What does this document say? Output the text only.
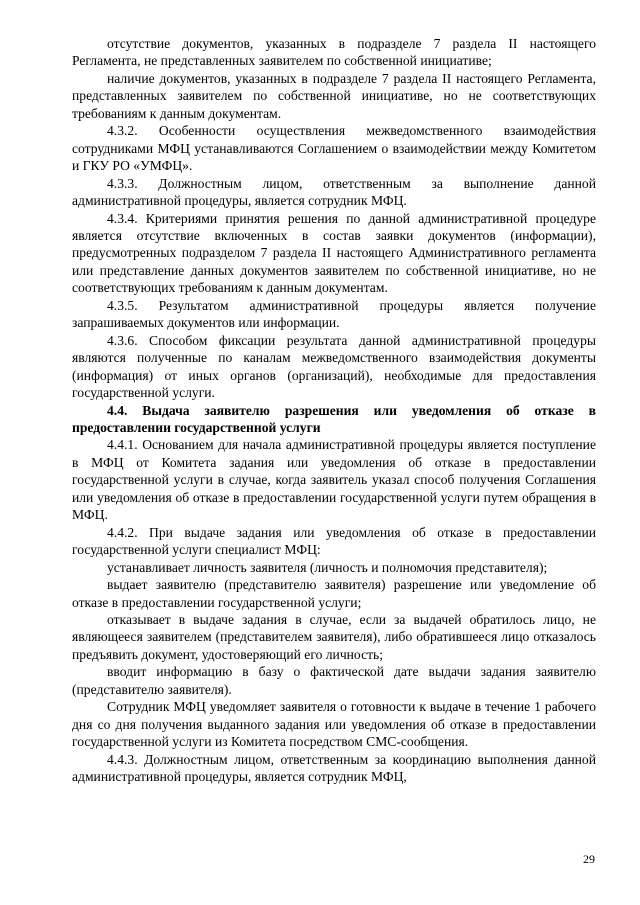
отсутствие документов, указанных в подразделе 7 раздела II настоящего Регламента, не представленных заявителем по собственной инициативе;

наличие документов, указанных в подразделе 7 раздела II настоящего Регламента, представленных заявителем по собственной инициативе, но не соответствующих требованиям к данным документам.

4.3.2. Особенности осуществления межведомственного взаимодействия сотрудниками МФЦ устанавливаются Соглашением о взаимодействии между Комитетом и ГКУ РО «УМФЦ».

4.3.3. Должностным лицом, ответственным за выполнение данной административной процедуры, является сотрудник МФЦ.

4.3.4. Критериями принятия решения по данной административной процедуре является отсутствие включенных в состав заявки документов (информации), предусмотренных подразделом 7 раздела II настоящего Административного регламента или представление данных документов заявителем по собственной инициативе, но не соответствующих требованиям к данным документам.

4.3.5. Результатом административной процедуры является получение запрашиваемых документов или информации.

4.3.6. Способом фиксации результата данной административной процедуры являются полученные по каналам межведомственного взаимодействия документы (информация) от иных органов (организаций), необходимые для предоставления государственной услуги.

4.4. Выдача заявителю разрешения или уведомления об отказе в предоставлении государственной услуги

4.4.1. Основанием для начала административной процедуры является поступление в МФЦ от Комитета задания или уведомления об отказе в предоставлении государственной услуги в случае, когда заявитель указал способ получения Соглашения или уведомления об отказе в предоставлении государственной услуги путем обращения в МФЦ.

4.4.2. При выдаче задания или уведомления об отказе в предоставлении государственной услуги специалист МФЦ:

устанавливает личность заявителя (личность и полномочия представителя);

выдает заявителю (представителю заявителя) разрешение или уведомление об отказе в предоставлении государственной услуги;

отказывает в выдаче задания в случае, если за выдачей обратилось лицо, не являющееся заявителем (представителем заявителя), либо обратившееся лицо отказалось предъявить документ, удостоверяющий его личность;

вводит информацию в базу о фактической дате выдачи задания заявителю (представителю заявителя).

Сотрудник МФЦ уведомляет заявителя о готовности к выдаче в течение 1 рабочего дня со дня получения выданного задания или уведомления об отказе в предоставлении государственной услуги из Комитета посредством СМС-сообщения.

4.4.3. Должностным лицом, ответственным за координацию выполнения данной административной процедуры, является сотрудник МФЦ,

29
